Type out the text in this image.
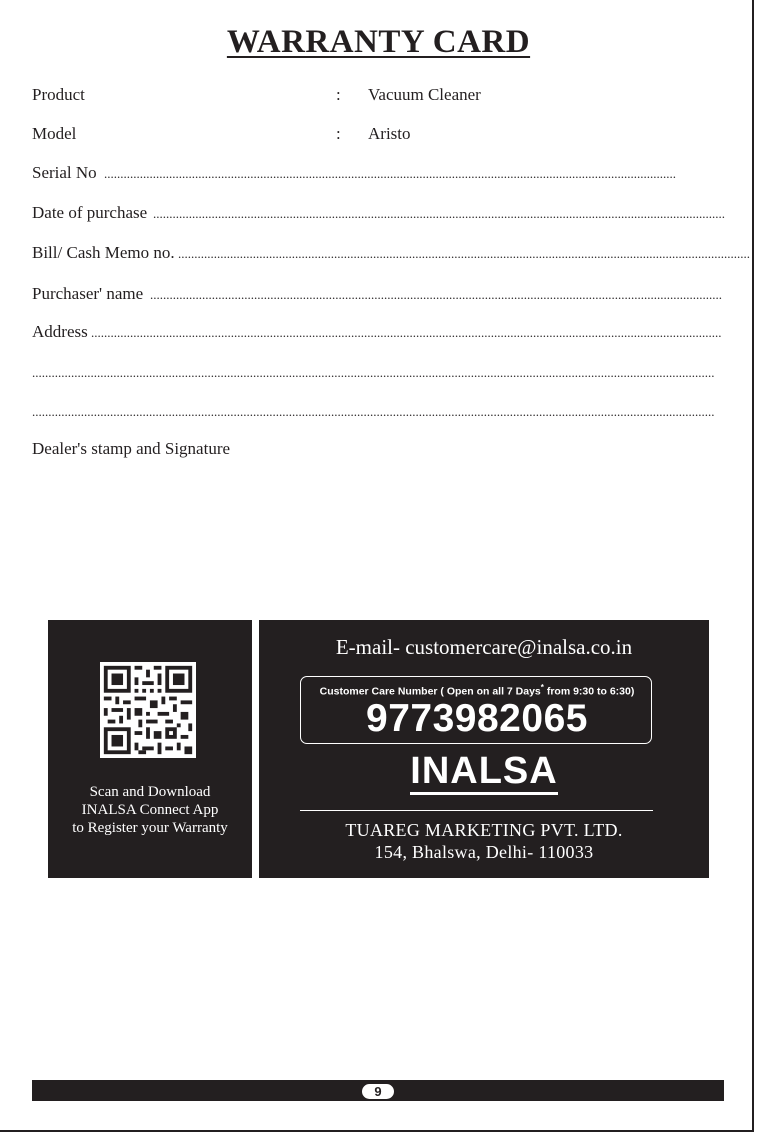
WARRANTY CARD
Product	: Vacuum Cleaner
Model	: Aristo
Serial No ................................................................................................................................................................................
Date of purchase ................................................................................................................................................................................
Bill/ Cash Memo no. ................................................................................................................................................................................
Purchaser' name ................................................................................................................................................................................
Address ..................................................................................................................................................................................................
..................................................................................................................................................................................................................
..................................................................................................................................................................................................................
Dealer's stamp and Signature
Scan and Download
INALSA Connect App
to Register your Warranty
E-mail- customercare@inalsa.co.in
Customer Care Number ( Open on all 7 Days* from 9:30 to 6:30)
9773982065
INALSA
TUAREG MARKETING PVT. LTD.
154, Bhalswa, Delhi- 110033
9
